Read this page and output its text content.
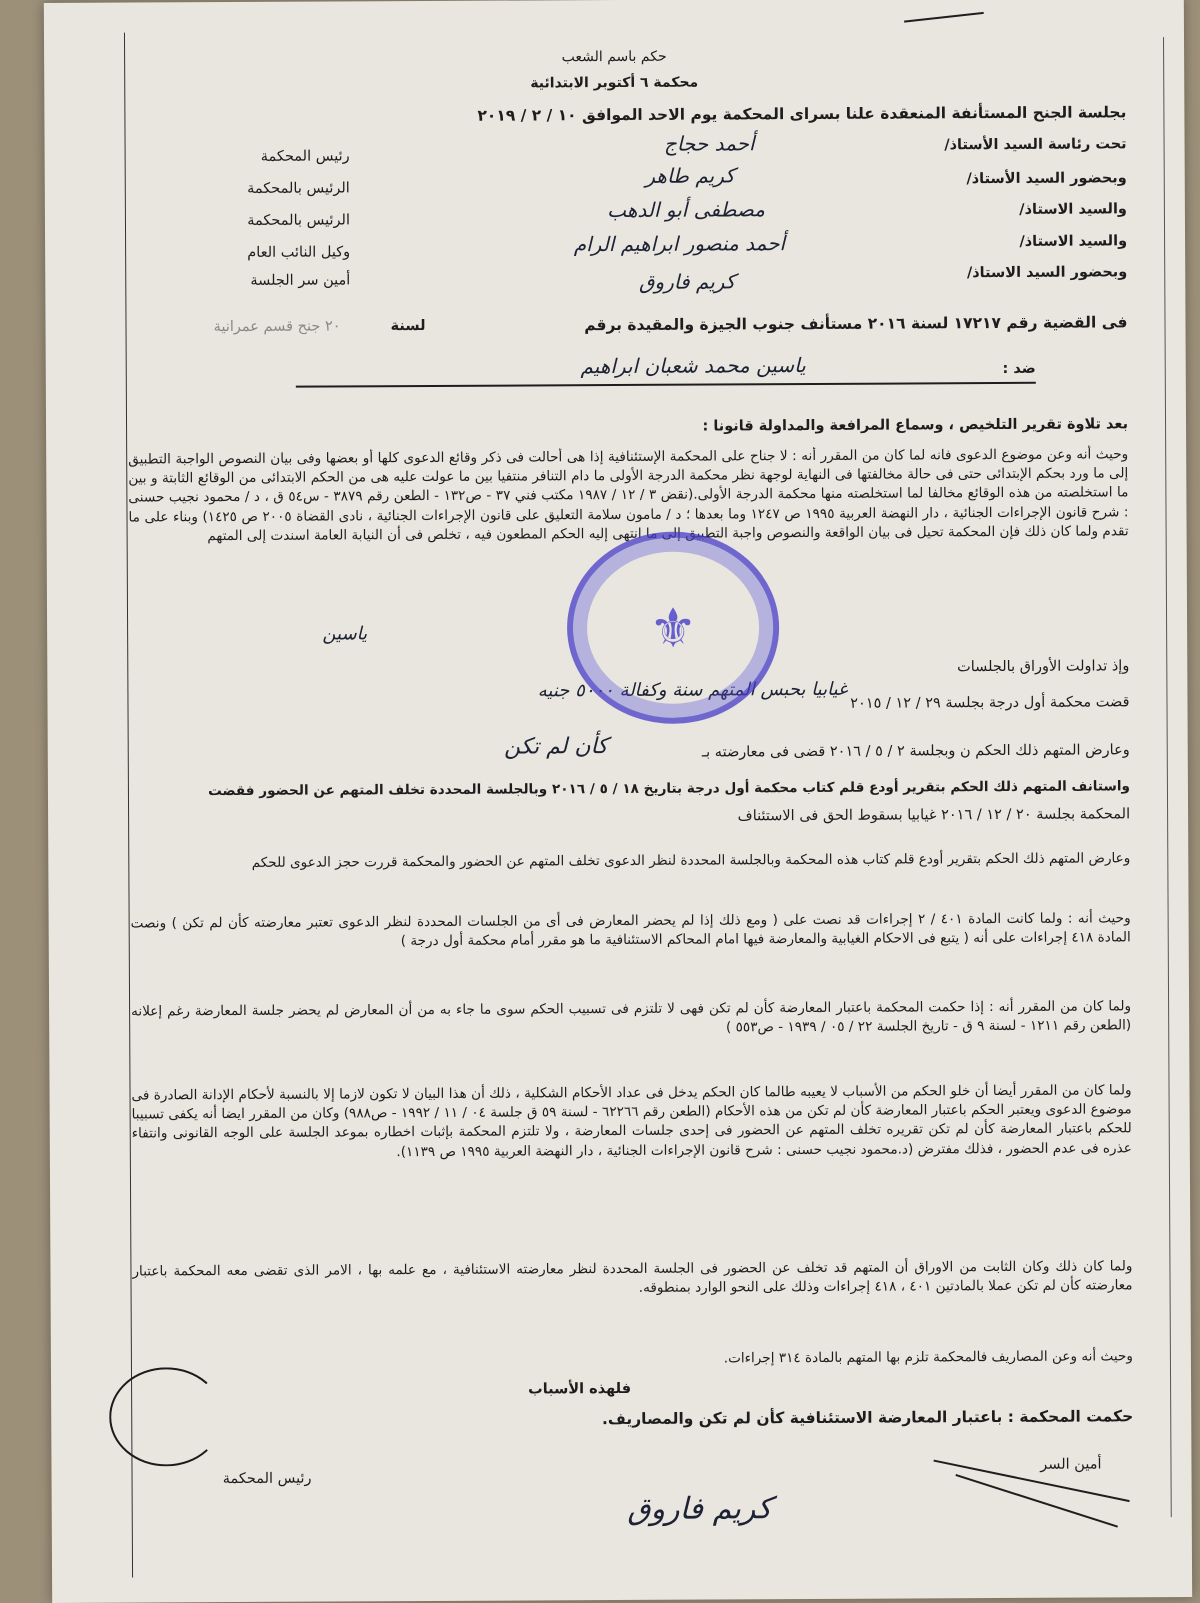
حكم باسم الشعب
محكمة ٦ أكتوبر الابتدائية
بجلسة الجنح المستأنفة المنعقدة علنا بسراى المحكمة يوم الاحد الموافق ١٠ / ٢ / ٢٠١٩
تحت رئاسة السيد الأستاذ/
أحمد حجاج
رئيس المحكمة
وبحضور السيد الأستاذ/
كريم طاهر
الرئيس بالمحكمة
والسيد الاستاذ/
مصطفى أبو الدهب
الرئيس بالمحكمة
والسيد الاستاذ/
أحمد منصور ابراهيم الرام
وكيل النائب العام
وبحضور السيد الاستاذ/
كريم فاروق
أمين سر الجلسة
فى القضية رقم ١٧٢١٧ لسنة ٢٠١٦ مستأنف جنوب الجيزة والمقيدة برقم
لسنة
٢٠ جنح قسم عمرانية
ضد :
ياسين محمد شعبان ابراهيم
بعد تلاوة تقرير التلخيص ، وسماع المرافعة والمداولة قانونا :
وحيث أنه وعن موضوع الدعوى فانه لما كان من المقرر أنه : لا جناح على المحكمة الإستئنافية إذا هى أحالت فى ذكر وقائع الدعوى كلها أو بعضها وفى بيان النصوص الواجبة التطبيق إلى ما ورد بحكم الإبتدائى حتى فى حالة مخالفتها فى النهاية لوجهة نظر محكمة الدرجة الأولى ما دام التنافر منتفيا بين ما عولت عليه هى من الحكم الابتدائى من الوقائع الثابتة و بين ما استخلصته من هذه الوقائع مخالفا لما استخلصته منها محكمة الدرجة الأولى.(نقض ٣ / ١٢ / ١٩٨٧ مكتب فني ٣٧ - ص١٣٢ - الطعن رقم ٣٨٧٩ - س٥٤ ق ، د / محمود نجيب حسنى : شرح قانون الإجراءات الجنائية ، دار النهضة العربية ١٩٩٥ ص ١٢٤٧ وما بعدها ؛ د / مامون سلامة التعليق على قانون الإجراءات الجنائية ، نادى القضاة ٢٠٠٥ ص ١٤٢٥) وبناء على ما تقدم ولما كان ذلك فإن المحكمة تحيل فى بيان الواقعة والنصوص واجبة التطبيق إلى ما انتهى إليه الحكم المطعون فيه ، تخلص فى أن النيابة العامة اسندت إلى المتهم
ياسين
وإذ تداولت الأوراق بالجلسات
قضت محكمة أول درجة بجلسة ٢٩ / ١٢ / ٢٠١٥
غيابيا بحبس المتهم سنة وكفالة ٥٠٠٠ جنيه
وعارض المتهم ذلك الحكم ن وبجلسة ٢ / ٥ / ٢٠١٦ قضى فى معارضته بـ
كأن لم تكن
واستانف المتهم ذلك الحكم بتقرير أودع قلم كتاب محكمة أول درجة بتاريخ ١٨ / ٥ / ٢٠١٦ وبالجلسة المحددة تخلف المتهم عن الحضور فقضت
المحكمة بجلسة ٢٠ / ١٢ / ٢٠١٦ غيابيا بسقوط الحق فى الاستئناف
وعارض المتهم ذلك الحكم بتقرير أودع قلم كتاب هذه المحكمة وبالجلسة المحددة لنظر الدعوى تخلف المتهم عن الحضور والمحكمة قررت حجز الدعوى للحكم
وحيث أنه : ولما كانت المادة ٤٠١ / ٢ إجراءات قد نصت على ( ومع ذلك إذا لم يحضر المعارض فى أى من الجلسات المحددة لنظر الدعوى تعتبر معارضته كأن لم تكن ) ونصت المادة ٤١٨ إجراءات على أنه ( يتبع فى الاحكام الغيابية والمعارضة فيها امام المحاكم الاستئنافية ما هو مقرر أمام محكمة أول درجة )
ولما كان من المقرر أنه : إذا حكمت المحكمة باعتبار المعارضة كأن لم تكن فهى لا تلتزم فى تسبيب الحكم سوى ما جاء به من أن المعارض لم يحضر جلسة المعارضة رغم إعلانه (الطعن رقم ١٢١١ - لسنة ٩ ق - تاريخ الجلسة ٢٢ / ٠٥ / ١٩٣٩ - ص٥٥٣ )
ولما كان من المقرر أيضا أن خلو الحكم من الأسباب لا يعيبه طالما كان الحكم يدخل فى عداد الأحكام الشكلية ، ذلك أن هذا البيان لا تكون لازما إلا بالنسبة لأحكام الإدانة الصادرة فى موضوع الدعوى ويعتبر الحكم باعتبار المعارضة كأن لم تكن من هذه الأحكام (الطعن رقم ٦٢٢٦٦ - لسنة ٥٩ ق جلسة ٠٤ / ١١ / ١٩٩٢ - ص٩٨٨) وكان من المقرر ايضا أنه يكفى تسبيبا للحكم باعتبار المعارضة كأن لم تكن تقريره تخلف المتهم عن الحضور فى إحدى جلسات المعارضة ، ولا تلتزم المحكمة بإثبات اخطاره بموعد الجلسة على الوجه القانونى وانتفاء عذره فى عدم الحضور ، فذلك مفترض (د.محمود نجيب حسنى : شرح قانون الإجراءات الجنائية ، دار النهضة العربية ١٩٩٥ ص ١١٣٩).
ولما كان ذلك وكان الثابت من الاوراق أن المتهم قد تخلف عن الحضور فى الجلسة المحددة لنظر معارضته الاستئنافية ، مع علمه بها ، الامر الذى تقضى معه المحكمة باعتبار معارضته كأن لم تكن عملا بالمادتين ٤٠١ ، ٤١٨ إجراءات وذلك على النحو الوارد بمنطوقه.
وحيث أنه وعن المصاريف فالمحكمة تلزم بها المتهم بالمادة ٣١٤ إجراءات.
فلهذه الأسباب
حكمت المحكمة : باعتبار المعارضة الاستئنافية كأن لم تكن والمصاريف.
أمين السر
رئيس المحكمة
كريم فاروق
⚜
